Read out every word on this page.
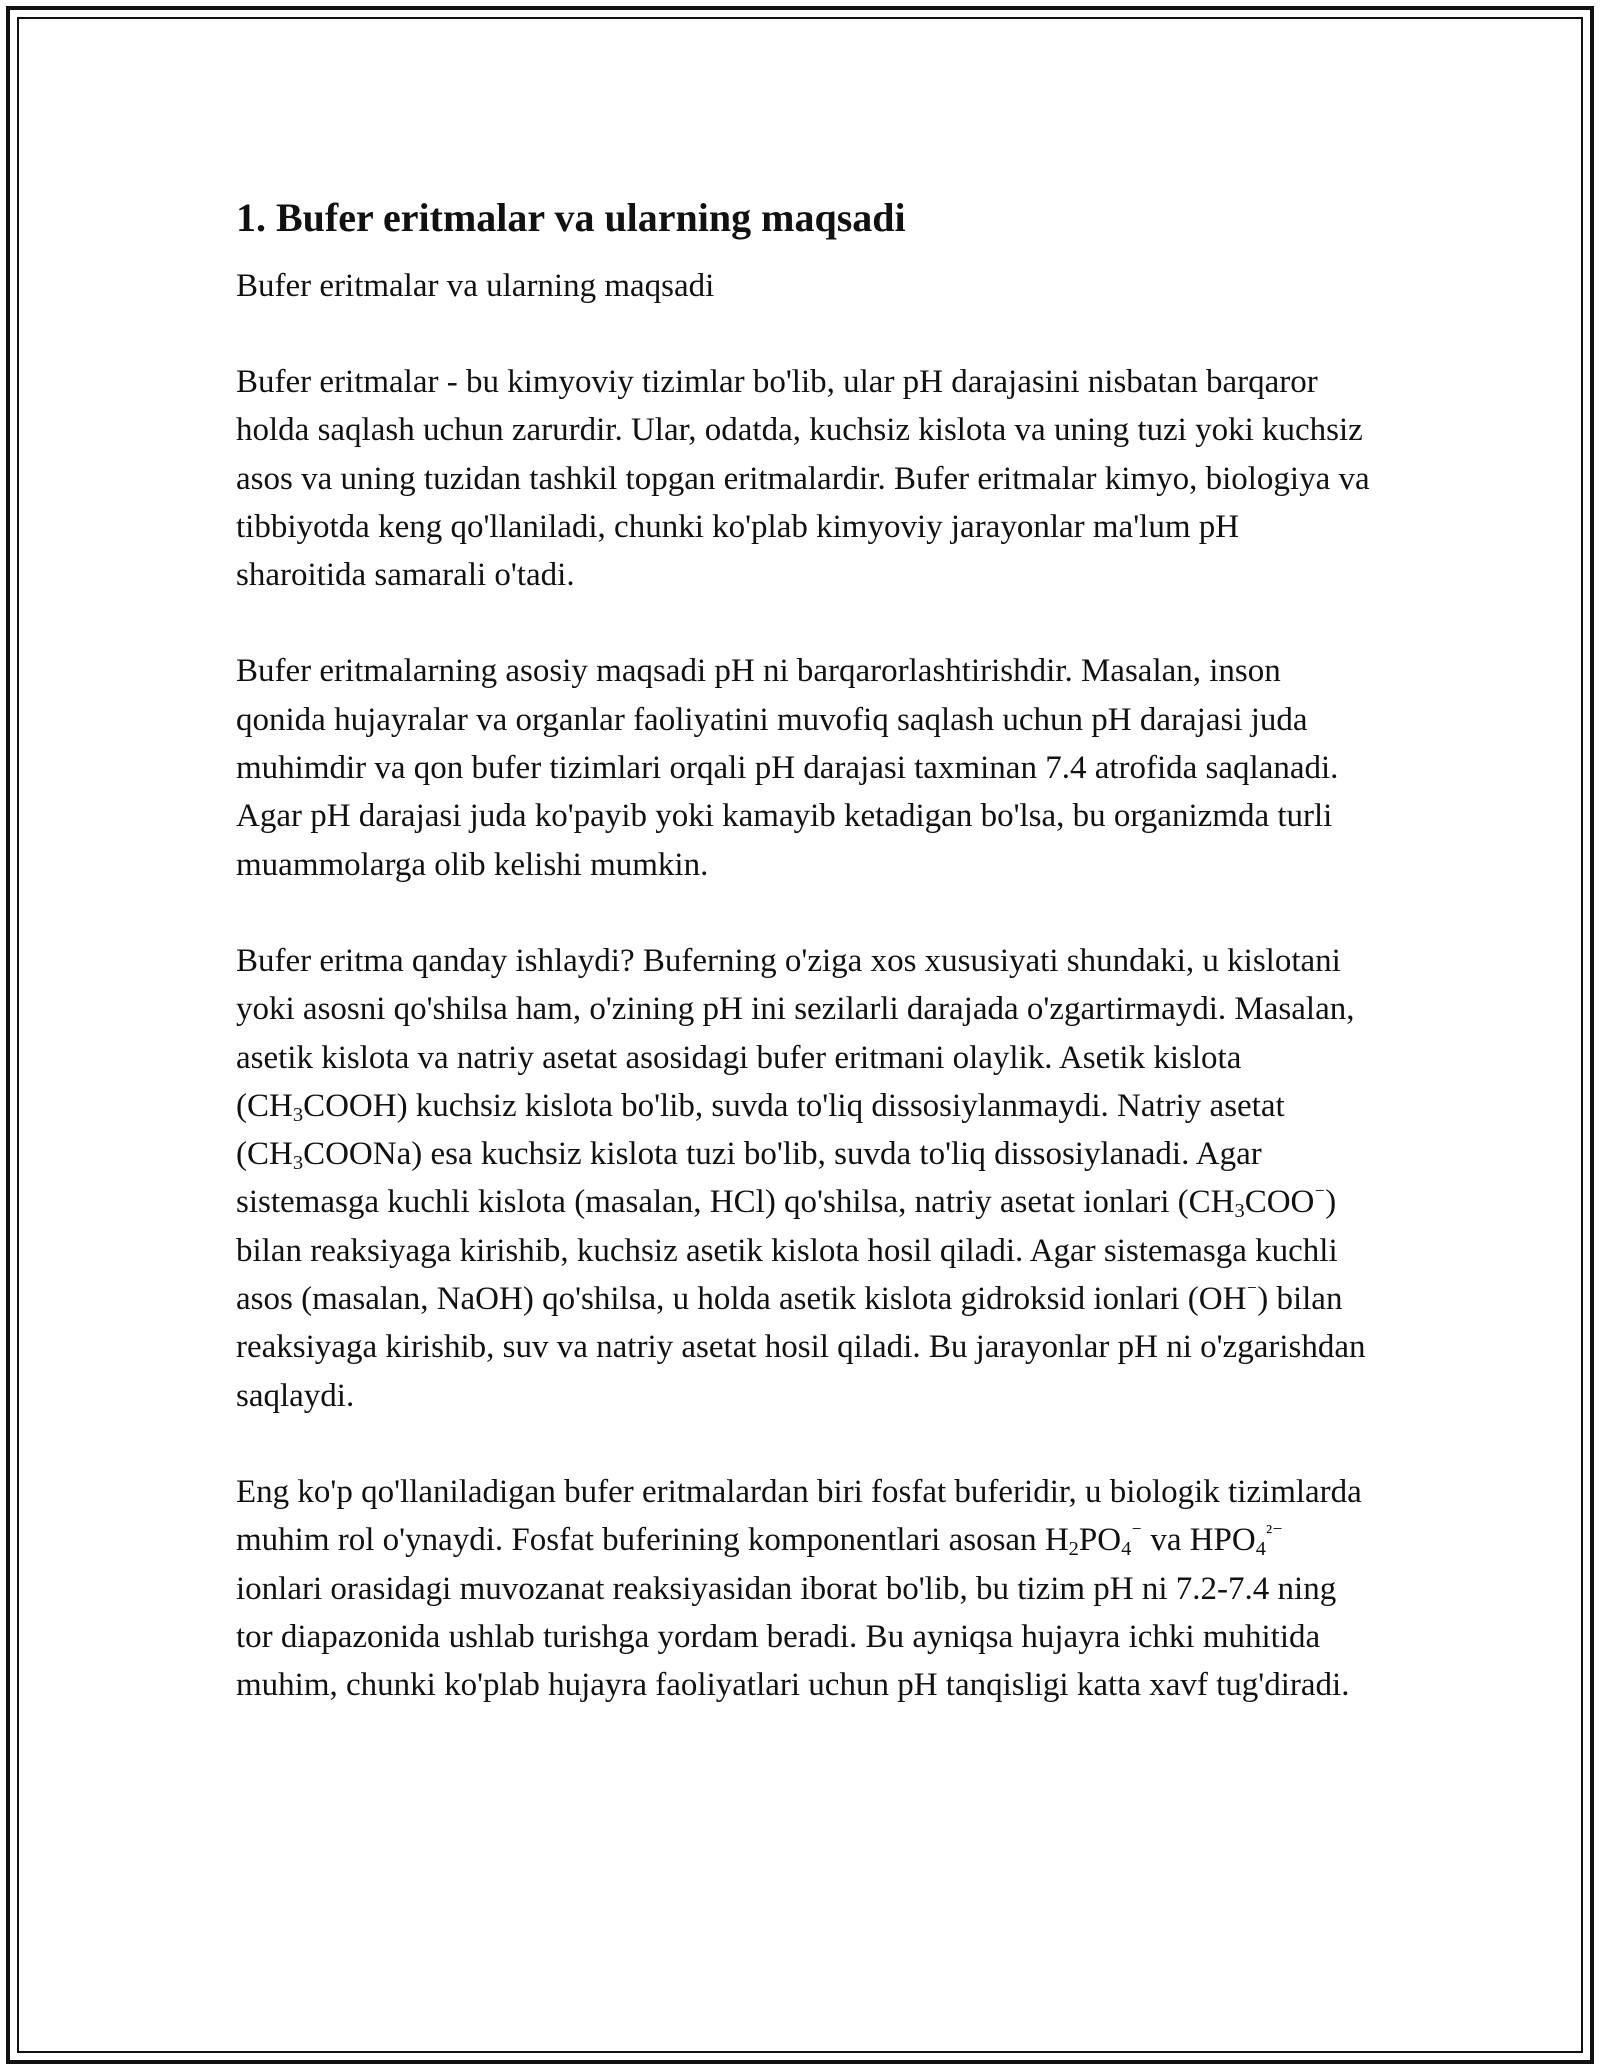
1. Bufer eritmalar va ularning maqsadi
Bufer eritmalar va ularning maqsadi

Bufer eritmalar - bu kimyoviy tizimlar bo'lib, ular pH darajasini nisbatan barqaror holda saqlash uchun zarurdir. Ular, odatda, kuchsiz kislota va uning tuzi yoki kuchsiz asos va uning tuzidan tashkil topgan eritmalardir. Bufer eritmalar kimyo, biologiya va tibbiyotda keng qo'llaniladi, chunki ko'plab kimyoviy jarayonlar ma'lum pH sharoitida samarali o'tadi.

Bufer eritmalarning asosiy maqsadi pH ni barqarorlashtirishdir. Masalan, inson qonida hujayralar va organlar faoliyatini muvofiq saqlash uchun pH darajasi juda muhimdir va qon bufer tizimlari orqali pH darajasi taxminan 7.4 atrofida saqlanadi. Agar pH darajasi juda ko'payib yoki kamayib ketadigan bo'lsa, bu organizmda turli muammolarga olib kelishi mumkin.

Bufer eritma qanday ishlaydi? Buferning o'ziga xos xususiyati shundaki, u kislotani yoki asosni qo'shilsa ham, o'zining pH ini sezilarli darajada o'zgartirmaydi. Masalan, asetik kislota va natriy asetat asosidagi bufer eritmani olaylik. Asetik kislota $(CH_3COOH)$ kuchsiz kislota bo'lib, suvda to'liq dissosiylanmaydi. Natriy asetat $(CH_3COONa)$ esa kuchsiz kislota tuzi bo'lib, suvda to'liq dissosiylanadi. Agar sistemasga kuchli kislota (masalan, HCl) qo'shilsa, natriy asetat ionlari $(CH_3COO^{^-})$ bilan reaksiyaga kirishib, kuchsiz asetik kislota hosil qiladi. Agar sistemasga kuchli asos (masalan, NaOH) qo'shilsa, u holda asetik kislota gidroksid ionlari (OH⁻) bilan reaksiyaga kirishib, suv va natriy asetat hosil qiladi. Bu jarayonlar pH ni o'zgarishdan saqlaydi.

Eng ko'p qo'llaniladigan bufer eritmalardan biri fosfat buferidir, u biologik tizimlarda muhim rol o'ynaydi. Fosfat buferining komponentlari asosan $H_2PO_4^{^-}$ va $HPO_4^{^{2-}}$ ionlari orasidagi muvozanat reaksiyasidan iborat bo'lib, bu tizim pH ni 7.2-7.4 ning tor diapazonida ushlab turishga yordam beradi. Bu ayniqsa hujayra ichki muhitida muhim, chunki ko'plab hujayra faoliyatlari uchun pH tanqisligi katta xavf tug'diradi.
